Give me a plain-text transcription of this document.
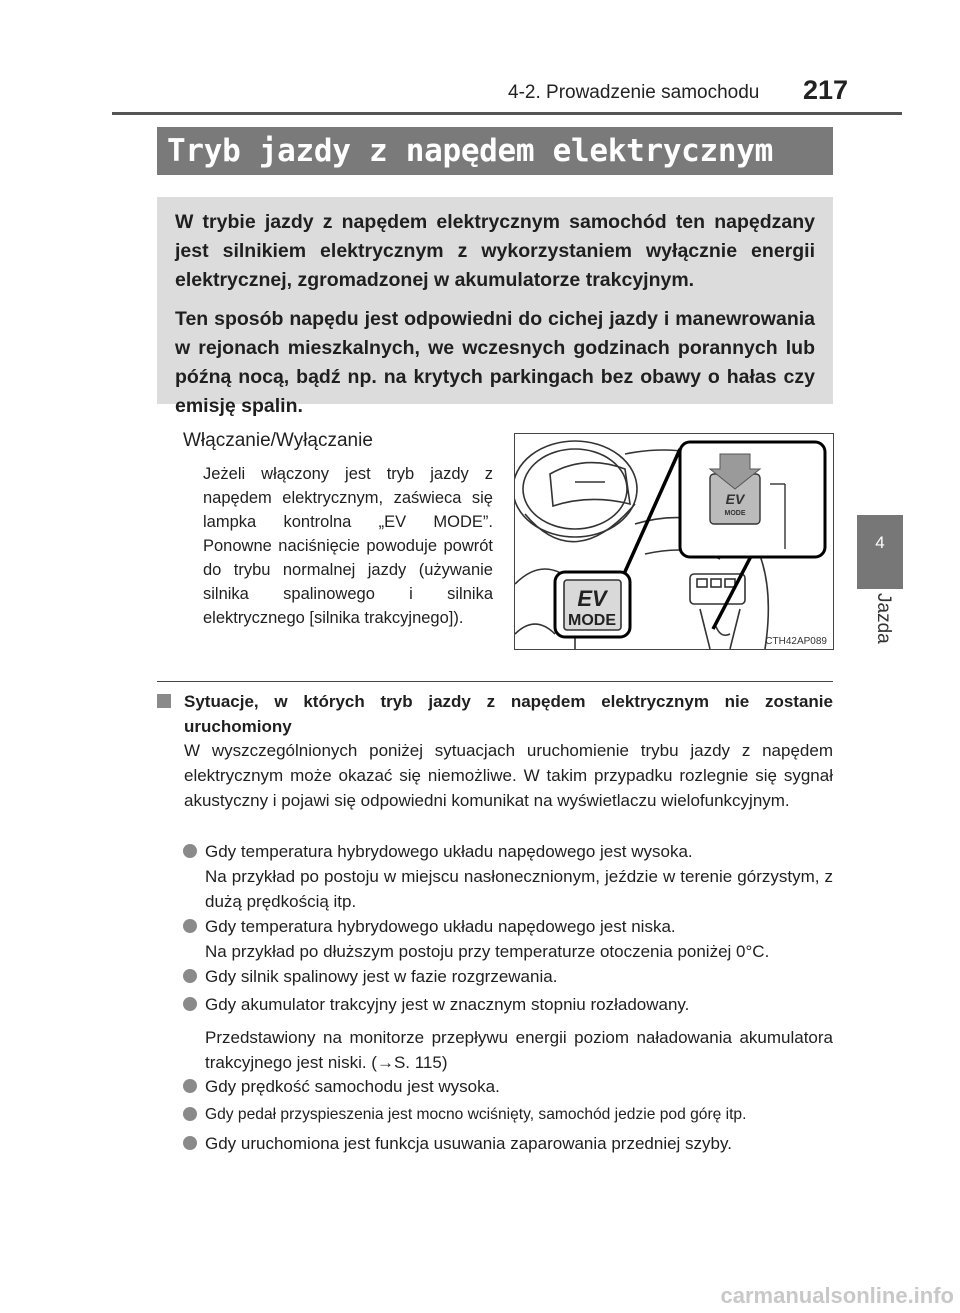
4-2. Prowadzenie samochodu 217
4
Jazda
Tryb jazdy z napędem elektrycznym

W trybie jazdy z napędem elektrycznym samochód ten napędzany jest silnikiem elektrycznym z wykorzystaniem wyłącznie energii elektrycznej, zgromadzonej w akumulatorze trakcyjnym.

Ten sposób napędu jest odpowiedni do cichej jazdy i manewrowania w rejonach mieszkalnych, we wczesnych godzinach porannych lub późną nocą, bądź np. na krytych parkingach bez obawy o hałas czy emisję spalin.

Włączanie/Wyłączanie
Jeżeli włączony jest tryb jazdy z napędem elektrycznym, zaświeca się lampka kontrolna „EV MODE”. Ponowne naciśnięcie powoduje powrót do trybu normalnej jazdy (używanie silnika spalinowego i silnika elektrycznego [silnika trakcyjnego]).
EV
MODE
EV
MODE
CTH42AP089
Sytuacje, w których tryb jazdy z napędem elektrycznym nie zostanie uruchomiony
W wyszczególnionych poniżej sytuacjach uruchomienie trybu jazdy z napędem elektrycznym może okazać się niemożliwe. W takim przypadku rozlegnie się sygnał akustyczny i pojawi się odpowiedni komunikat na wyświetlaczu wielofunkcyjnym.
Gdy temperatura hybrydowego układu napędowego jest wysoka.
Na przykład po postoju w miejscu nasłonecznionym, jeździe w terenie górzystym, z dużą prędkością itp.
Gdy temperatura hybrydowego układu napędowego jest niska.
Na przykład po dłuższym postoju przy temperaturze otoczenia poniżej 0°C.
Gdy silnik spalinowy jest w fazie rozgrzewania.
Gdy akumulator trakcyjny jest w znacznym stopniu rozładowany.
Przedstawiony na monitorze przepływu energii poziom naładowania akumulatora trakcyjnego jest niski. (→S. 115)
Gdy prędkość samochodu jest wysoka.
Gdy pedał przyspieszenia jest mocno wciśnięty, samochód jedzie pod górę itp.
Gdy uruchomiona jest funkcja usuwania zaparowania przedniej szyby.
carmanualsonline.info
